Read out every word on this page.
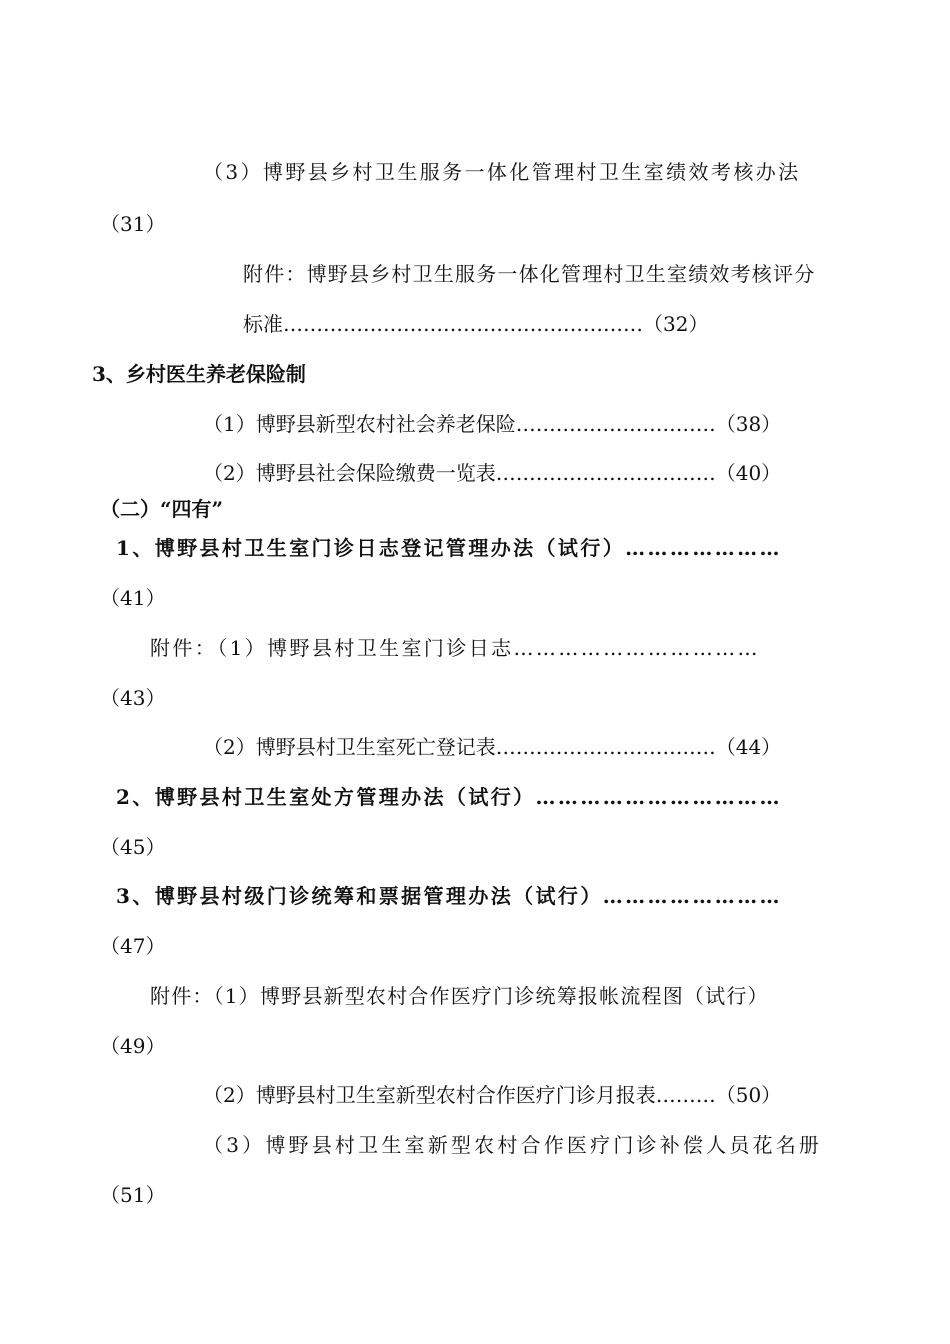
（3）博野县乡村卫生服务一体化管理村卫生室绩效考核办法
（31）
附件：博野县乡村卫生服务一体化管理村卫生室绩效考核评分
标准………………………………………………（32）
3、乡村医生养老保险制
（1）博野县新型农村社会养老保险…………………………（38）
（2）博野县社会保险缴费一览表……………………………（40）
（二）“四有”
1、博野县村卫生室门诊日志登记管理办法（试行）…………………
（41）
附件：（1）博野县村卫生室门诊日志……………………………
（43）
（2）博野县村卫生室死亡登记表……………………………（44）
2、博野县村卫生室处方管理办法（试行）……………………………
（45）
3、博野县村级门诊统筹和票据管理办法（试行）……………………
（47）
附件：（1）博野县新型农村合作医疗门诊统筹报帐流程图（试行）
（49）
（2）博野县村卫生室新型农村合作医疗门诊月报表………（50）
（3）博野县村卫生室新型农村合作医疗门诊补偿人员花名册
（51）
